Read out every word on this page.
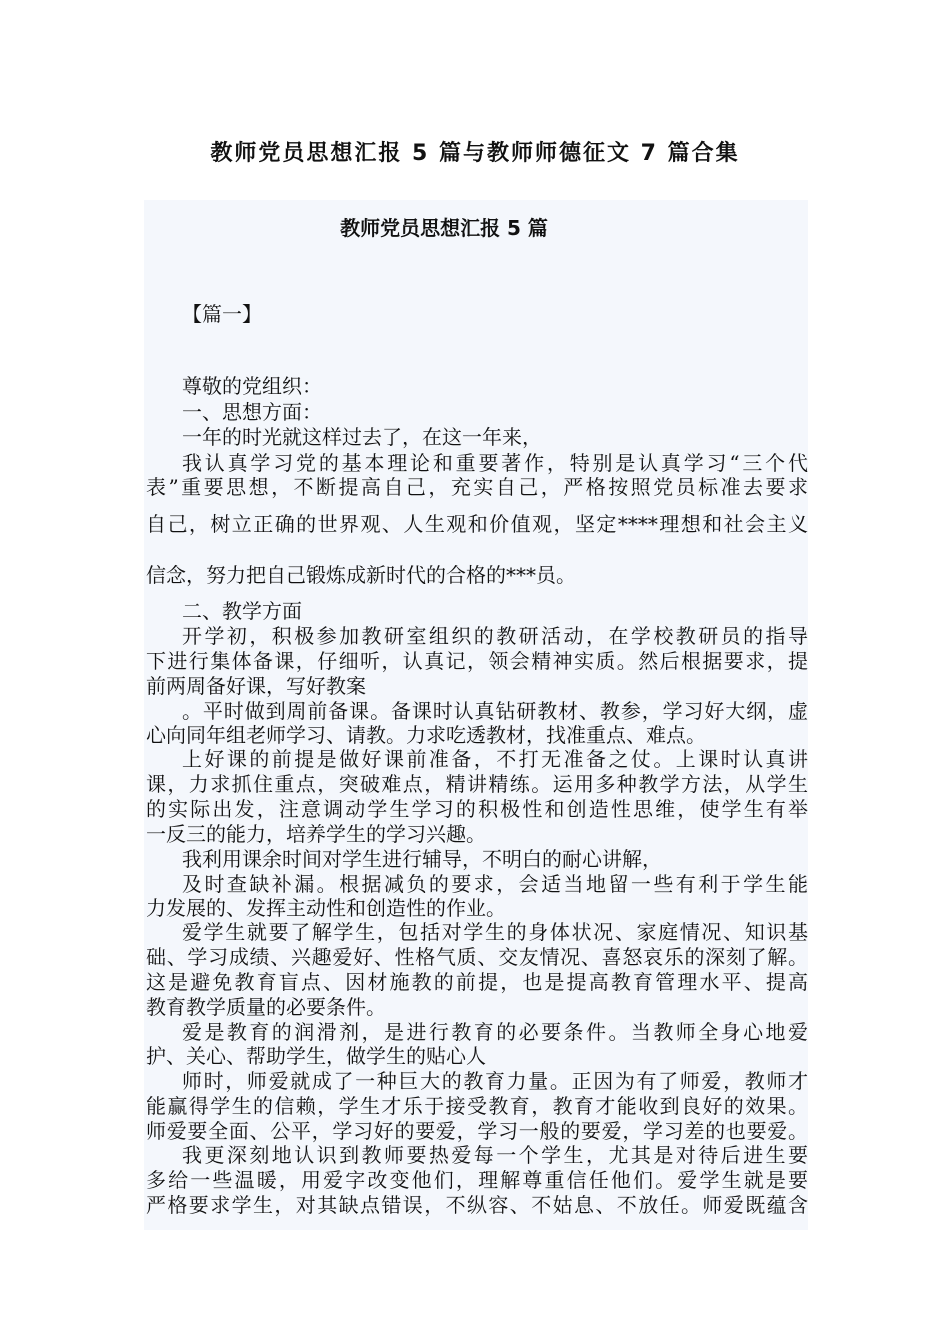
教师党员思想汇报 5 篇与教师师德征文 7 篇合集
教师党员思想汇报 5 篇

【篇一】

尊敬的党组织：

一、思想方面：

一年的时光就这样过去了，在这一年来，

我认真学习党的基本理论和重要著作，特别是认真学习“三个代

表”重要思想，不断提高自己，充实自己，严格按照党员标准去要求

自己，树立正确的世界观、人生观和价值观，坚定****理想和社会主义

信念，努力把自己锻炼成新时代的合格的***员。

二、教学方面

开学初，积极参加教研室组织的教研活动，在学校教研员的指导

下进行集体备课，仔细听，认真记，领会精神实质。然后根据要求，提

前两周备好课，写好教案

。平时做到周前备课。备课时认真钻研教材、教参，学习好大纲，虚

心向同年组老师学习、请教。力求吃透教材，找准重点、难点。

上好课的前提是做好课前准备，不打无准备之仗。上课时认真讲

课，力求抓住重点，突破难点，精讲精练。运用多种教学方法，从学生

的实际出发，注意调动学生学习的积极性和创造性思维，使学生有举

一反三的能力，培养学生的学习兴趣。

我利用课余时间对学生进行辅导，不明白的耐心讲解，

及时查缺补漏。根据减负的要求，会适当地留一些有利于学生能

力发展的、发挥主动性和创造性的作业。

爱学生就要了解学生，包括对学生的身体状况、家庭情况、知识基

础、学习成绩、兴趣爱好、性格气质、交友情况、喜怒哀乐的深刻了解。

这是避免教育盲点、因材施教的前提，也是提高教育管理水平、提高

教育教学质量的必要条件。

爱是教育的润滑剂，是进行教育的必要条件。当教师全身心地爱

护、关心、帮助学生，做学生的贴心人

师时，师爱就成了一种巨大的教育力量。正因为有了师爱，教师才

能赢得学生的信赖，学生才乐于接受教育，教育才能收到良好的效果。

师爱要全面、公平，学习好的要爱，学习一般的要爱，学习差的也要爱。

我更深刻地认识到教师要热爱每一个学生，尤其是对待后进生要

多给一些温暖，用爱字改变他们，理解尊重信任他们。爱学生就是要

严格要求学生，对其缺点错误，不纵容、不姑息、不放任。师爱既蕴含
